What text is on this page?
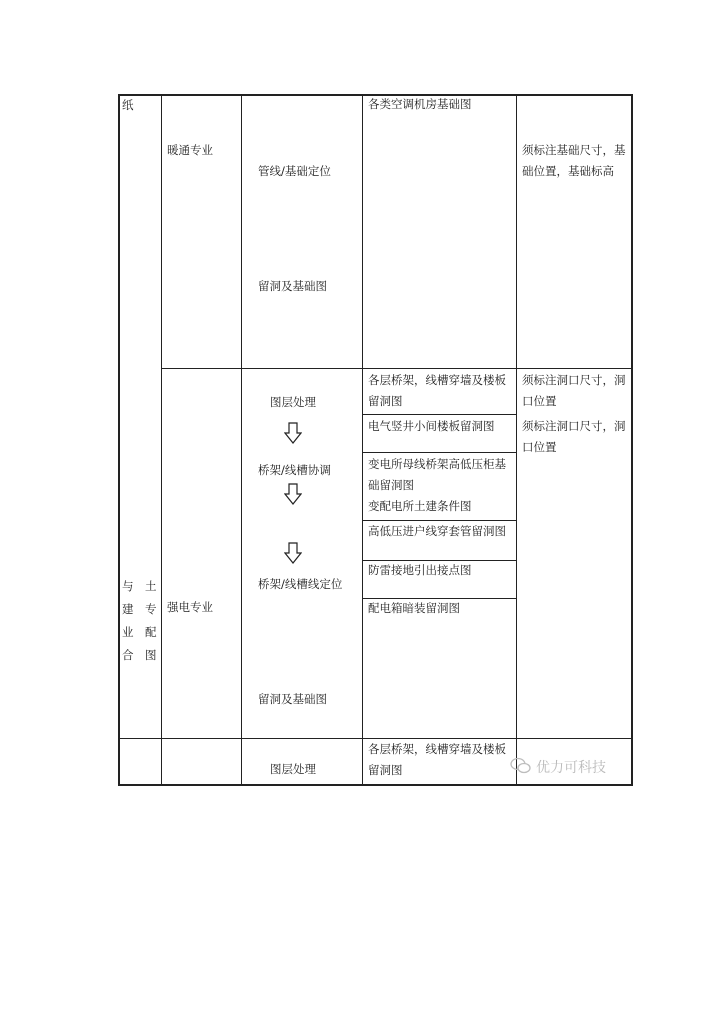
纸
与　土
建　专
业　配
合　图
暖通专业
管线/基础定位
留洞及基础图
各类空调机房基础图
须标注基础尺寸，基
础位置，基础标高
强电专业
图层处理
桥架/线槽协调
桥架/线槽线定位
留洞及基础图
各层桥架，线槽穿墙及楼板
留洞图
电气竖井小间楼板留洞图
变电所母线桥架高低压柜基
础留洞图
变配电所土建条件图
高低压进户线穿套管留洞图
防雷接地引出接点图
配电箱暗装留洞图
须标注洞口尺寸，洞
口位置
须标注洞口尺寸，洞
口位置
图层处理
各层桥架，线槽穿墙及楼板
留洞图	优力可科技
